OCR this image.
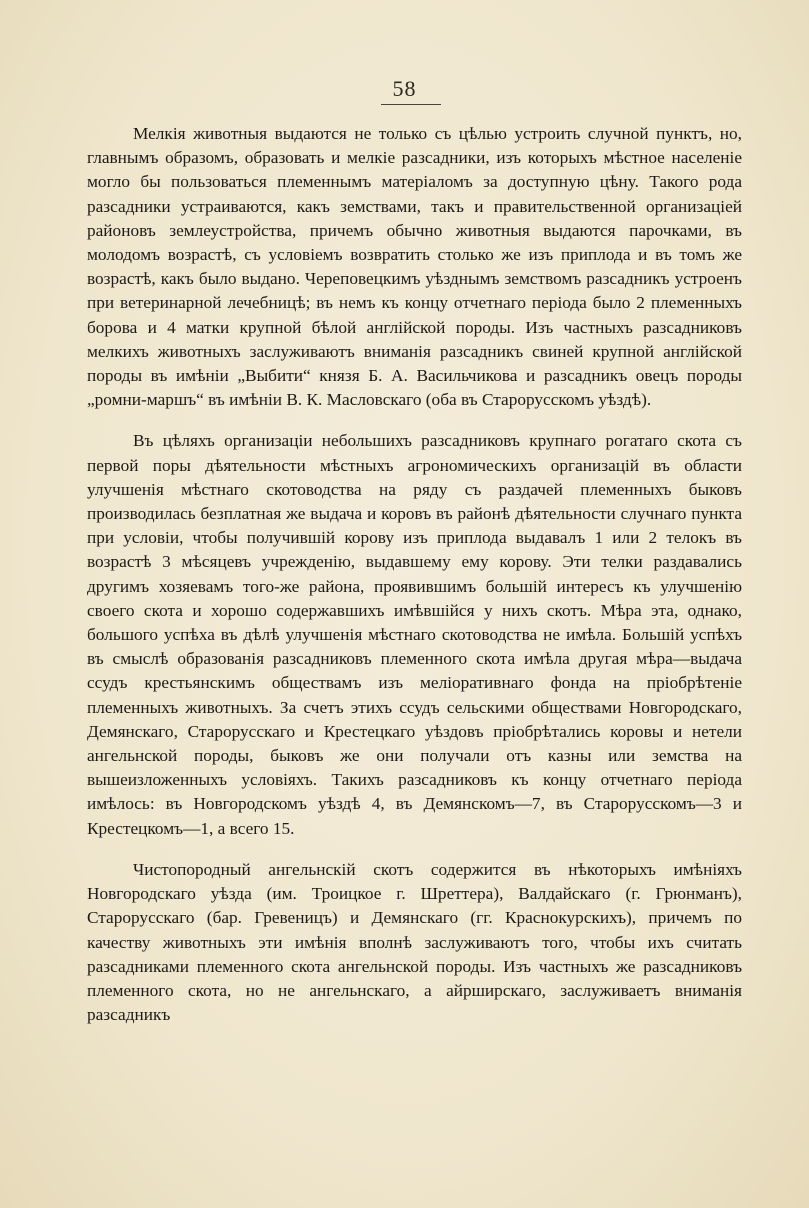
58

Мелкія животныя выдаются не только съ цѣлью устроить случной пунктъ, но, главнымъ образомъ, образовать и мелкіе разсадники, изъ которыхъ мѣстное населеніе могло бы пользоваться племеннымъ матеріаломъ за доступную цѣну. Такого рода разсадники устраиваются, какъ земствами, такъ и правительственной организаціей районовъ землеустройства, причемъ обычно животныя выдаются парочками, въ молодомъ возрастѣ, съ условіемъ возвратить столько же изъ приплода и въ томъ же возрастѣ, какъ было выдано. Череповецкимъ уѣзднымъ земствомъ разсадникъ устроенъ при ветеринарной лечебницѣ; въ немъ къ концу отчетнаго періода было 2 племенныхъ борова и 4 матки крупной бѣлой англійской породы. Изъ частныхъ разсадниковъ мелкихъ животныхъ заслуживаютъ вниманія разсадникъ свиней крупной англійской породы въ имѣніи „Выбити“ князя Б. А. Васильчикова и разсадникъ овецъ породы „ромни-маршъ“ въ имѣніи В. К. Масловскаго (оба въ Старорусскомъ уѣздѣ).

Въ цѣляхъ организаціи небольшихъ разсадниковъ крупнаго рогатаго скота съ первой поры дѣятельности мѣстныхъ агрономическихъ организацій въ области улучшенія мѣстнаго скотоводства на ряду съ раздачей племенныхъ быковъ производилась безплатная же выдача и коровъ въ районѣ дѣятельности случнаго пункта при условіи, чтобы получившій корову изъ приплода выдавалъ 1 или 2 телокъ въ возрастѣ 3 мѣсяцевъ учрежденію, выдавшему ему корову. Эти телки раздавались другимъ хозяевамъ того-же района, проявившимъ большій интересъ къ улучшенію своего скота и хорошо содержавшихъ имѣвшійся у нихъ скотъ. Мѣра эта, однако, большого успѣха въ дѣлѣ улучшенія мѣстнаго скотоводства не имѣла. Большій успѣхъ въ смыслѣ образованія разсадниковъ племенного скота имѣла другая мѣра—выдача ссудъ крестьянскимъ обществамъ изъ меліоративнаго фонда на пріобрѣтеніе племенныхъ животныхъ. За счетъ этихъ ссудъ сельскими обществами Новгородскаго, Демянскаго, Старорусскаго и Крестецкаго уѣздовъ пріобрѣтались коровы и нетели ангельнской породы, быковъ же они получали отъ казны или земства на вышеизложенныхъ условіяхъ. Такихъ разсадниковъ къ концу отчетнаго періода имѣлось: въ Новгородскомъ уѣздѣ 4, въ Демянскомъ—7, въ Старорусскомъ—3 и Крестецкомъ—1, а всего 15.

Чистопородный ангельнскій скотъ содержится въ нѣкоторыхъ имѣніяхъ Новгородскаго уѣзда (им. Троицкое г. Шреттера), Валдайскаго (г. Грюнманъ), Старорусскаго (бар. Гревеницъ) и Демянскаго (гг. Краснокурскихъ), причемъ по качеству животныхъ эти имѣнія вполнѣ заслуживаютъ того, чтобы ихъ считать разсадниками племенного скота ангельнской породы. Изъ частныхъ же разсадниковъ племенного скота, но не ангельнскаго, а айрширскаго, заслуживаетъ вниманія разсадникъ
